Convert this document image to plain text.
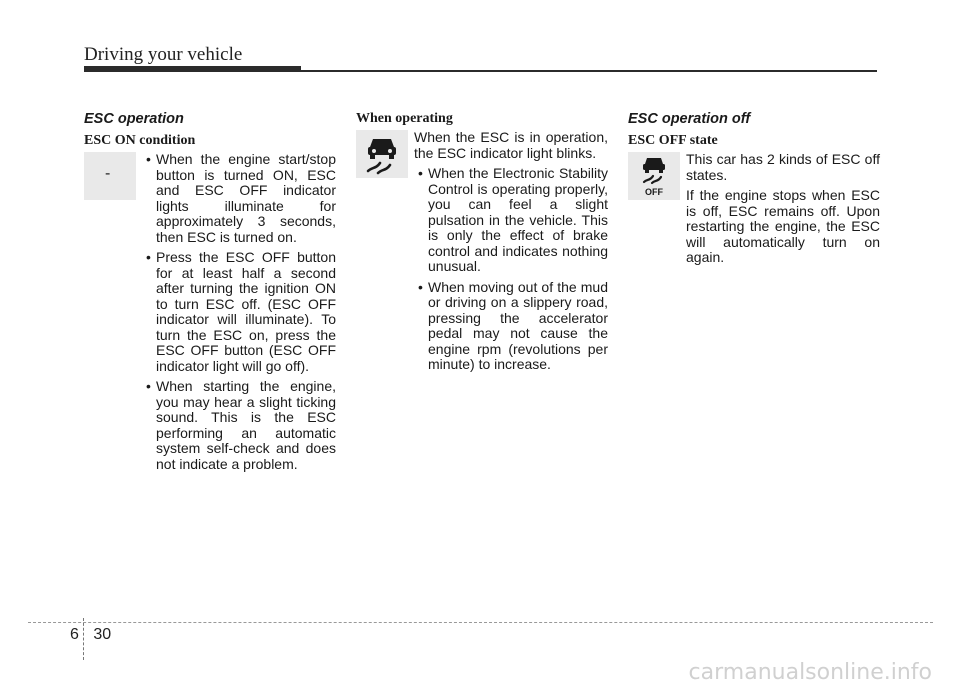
Driving your vehicle
ESC operation
ESC ON condition
-
• When the engine start/stop button is turned ON, ESC and ESC OFF indicator lights illuminate for approximately 3 seconds, then ESC is turned on.
• Press the ESC OFF button for at least half a second after turning the ignition ON to turn ESC off. (ESC OFF indicator will illuminate). To turn the ESC on, press the ESC OFF button (ESC OFF indicator light will go off).
• When starting the engine, you may hear a slight ticking sound. This is the ESC performing an automatic system self-check and does not indicate a problem.
When operating
When the ESC is in operation, the ESC indicator light blinks.
• When the Electronic Stability Control is operating properly, you can feel a slight pulsation in the vehicle. This is only the effect of brake control and indicates nothing unusual.
• When moving out of the mud or driving on a slippery road, pressing the accelerator pedal may not cause the engine rpm (revolutions per minute) to increase.
ESC operation off
ESC OFF state
OFF
This car has 2 kinds of ESC off states.
If the engine stops when ESC is off, ESC remains off. Upon restarting the engine, the ESC will automatically turn on again.
6 30
carmanualsonline.info
